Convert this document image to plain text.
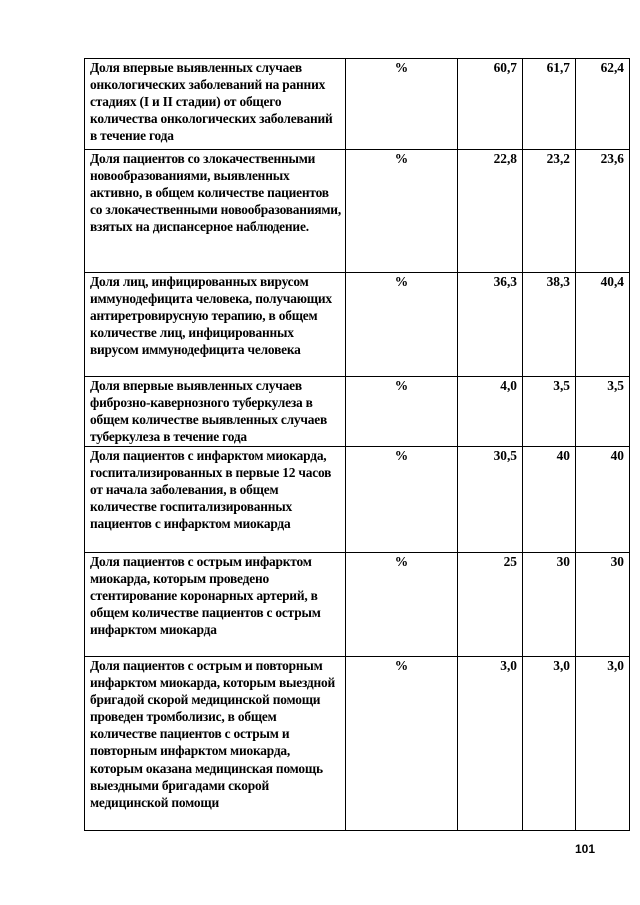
Доля впервые выявленных случаев онкологических заболеваний на ранних стадиях (I и II стадии) от общего количества онкологических заболеваний в течение года	%	60,7	61,7	62,4
Доля пациентов со злокачественными новообразованиями, выявленных активно, в общем количестве пациентов со злокачественными новообразованиями, взятых на диспансерное наблюдение.	%	22,8	23,2	23,6
Доля лиц, инфицированных вирусом иммунодефицита человека, получающих антиретровирусную терапию, в общем количестве лиц, инфицированных вирусом иммунодефицита человека	%	36,3	38,3	40,4
Доля впервые выявленных случаев фиброзно-кавернозного туберкулеза в общем количестве выявленных случаев туберкулеза в течение года	%	4,0	3,5	3,5
Доля пациентов с инфарктом миокарда, госпитализированных в первые 12 часов от начала заболевания, в общем количестве госпитализированных пациентов с инфарктом миокарда	%	30,5	40	40
Доля пациентов с острым инфарктом миокарда, которым проведено стентирование коронарных артерий, в общем количестве пациентов с острым инфарктом миокарда	%	25	30	30
Доля пациентов с острым и повторным инфарктом миокарда, которым выездной бригадой скорой медицинской помощи проведен тромболизис, в общем количестве пациентов с острым и повторным инфарктом миокарда, которым оказана медицинская помощь выездными бригадами скорой медицинской помощи	%	3,0	3,0	3,0
101
